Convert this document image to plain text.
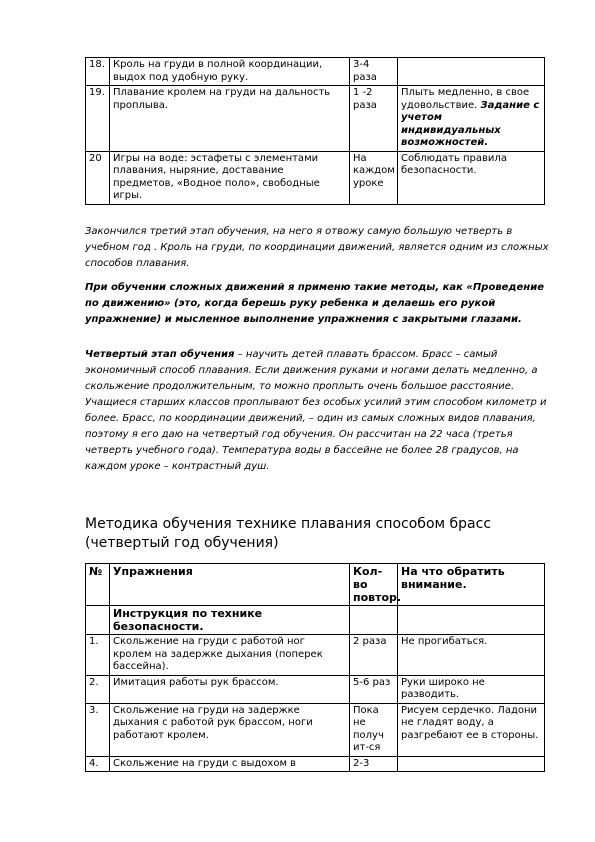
18.	Кроль на груди в полной координации, выдох под удобную руку.	3-4 раза	
19.	Плавание кролем на груди на дальность проплыва.	1 -2 раза	Плыть медленно, в свое удовольствие. Задание с учетом индивидуальных возможностей.
20	Игры на воде: эстафеты с элементами плавания, ныряние, доставание предметов, «Водное поло», свободные игры.	На каждом уроке	Соблюдать правила безопасности.

Закончился третий этап обучения, на него я отвожу самую большую четверть в учебном год . Кроль на груди, по координации движений, является одним из сложных способов плавания.

При обучении сложных движений я применю такие методы, как «Проведение по движению» (это, когда берешь руку ребенка и делаешь его рукой упражнение) и мысленное выполнение упражнения с закрытыми глазами.

Четвертый этап обучения – научить детей плавать брассом. Брасс – самый экономичный способ плавания. Если движения руками и ногами делать медленно, а скольжение продолжительным, то можно проплыть очень большое расстояние. Учащиеся старших классов проплывают без особых усилий этим способом километр и более. Брасс, по координации движений, – один из самых сложных видов плавания, поэтому я его даю на четвертый год обучения. Он рассчитан на 22 часа (третья четверть учебного года). Температура воды в бассейне не более 28 градусов, на каждом уроке – контрастный душ.

Методика обучения технике плавания способом брасс (четвертый год обучения)
№	Упражнения	Кол-во повтор.	На что обратить внимание.
	Инструкция по технике безопасности.		
1.	Скольжение на груди с работой ног кролем на задержке дыхания (поперек бассейна).	2 раза	Не прогибаться.
2.	Имитация работы рук брассом.	5-6 раз	Руки широко не разводить.
3.	Скольжение на груди на задержке дыхания с работой рук брассом, ноги работают кролем.	Пока не получ ит-ся	Рисуем сердечко. Ладони не гладят воду, а разгребают ее в стороны.
4.	Скольжение на груди с выдохом в	2-3	
